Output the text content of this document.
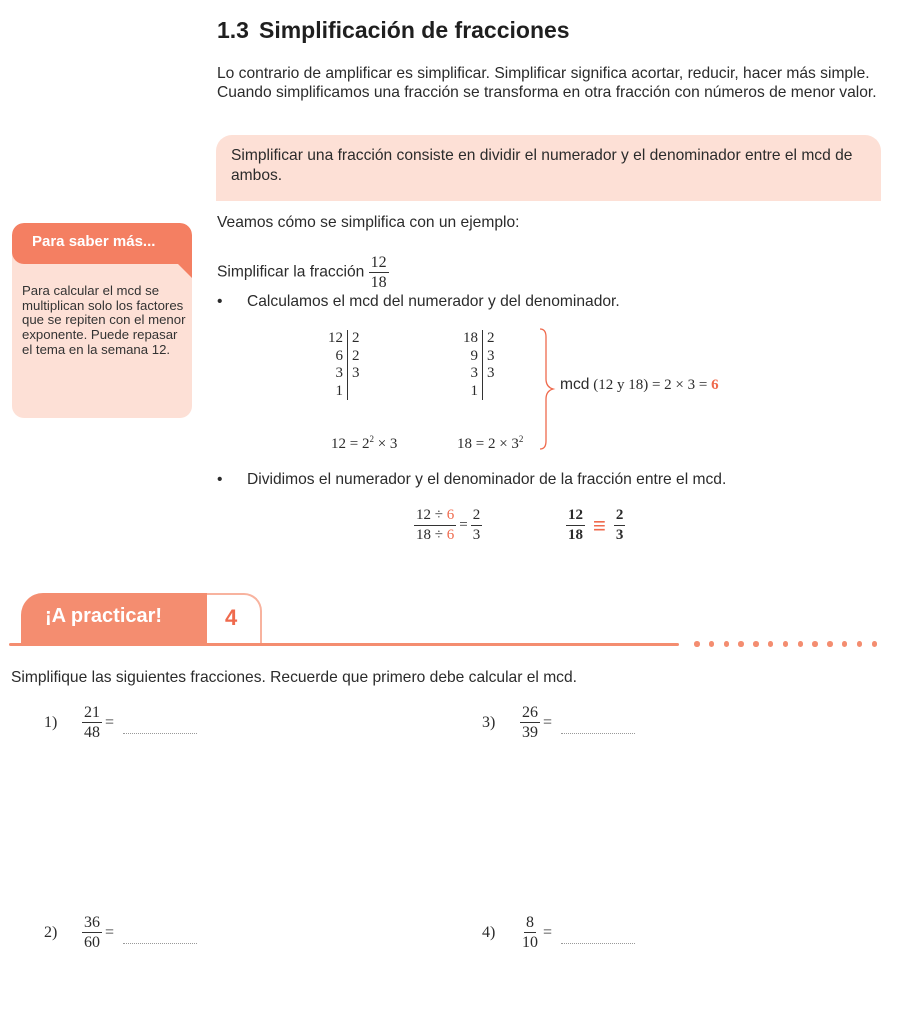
1.3 Simplificación de fracciones
Lo contrario de amplificar es simplificar. Simplificar significa acortar, reducir, hacer más simple. Cuando simplificamos una fracción se transforma en otra fracción con números de menor valor.

Simplificar una fracción consiste en dividir el numerador y el denominador entre el mcd de ambos.

Para saber más...
Para calcular el mcd se multiplican solo los factores que se repiten con el menor exponente. Puede repasar el tema en la semana 12.
Veamos cómo se simplifica con un ejemplo:
Simplificar la fracción $\frac{12}{18}$
• Calculamos el mcd del numerador y del denominador.
12 2
6 2
3 3
1
18 2
9 3
3 3
1
$12 = 2^2 \times 3$	$18 = 2 \times 3^2$
mcd (12 y 18) = 2 × 3 = 6
• Dividimos el numerador y el denominador de la fracción entre el mcd.
$\frac{12 \div 6}{18 \div 6} = \frac{2}{3}$	$\frac{12}{18} \equiv \frac{2}{3}$
¡A practicar!	4
Simplifique las siguientes fracciones. Recuerde que primero debe calcular el mcd.
1)	$\frac{21}{48}$ =	3)	$\frac{26}{39}$ =
2)	$\frac{36}{60}$ =	4)	$\frac{8}{10}$ =
